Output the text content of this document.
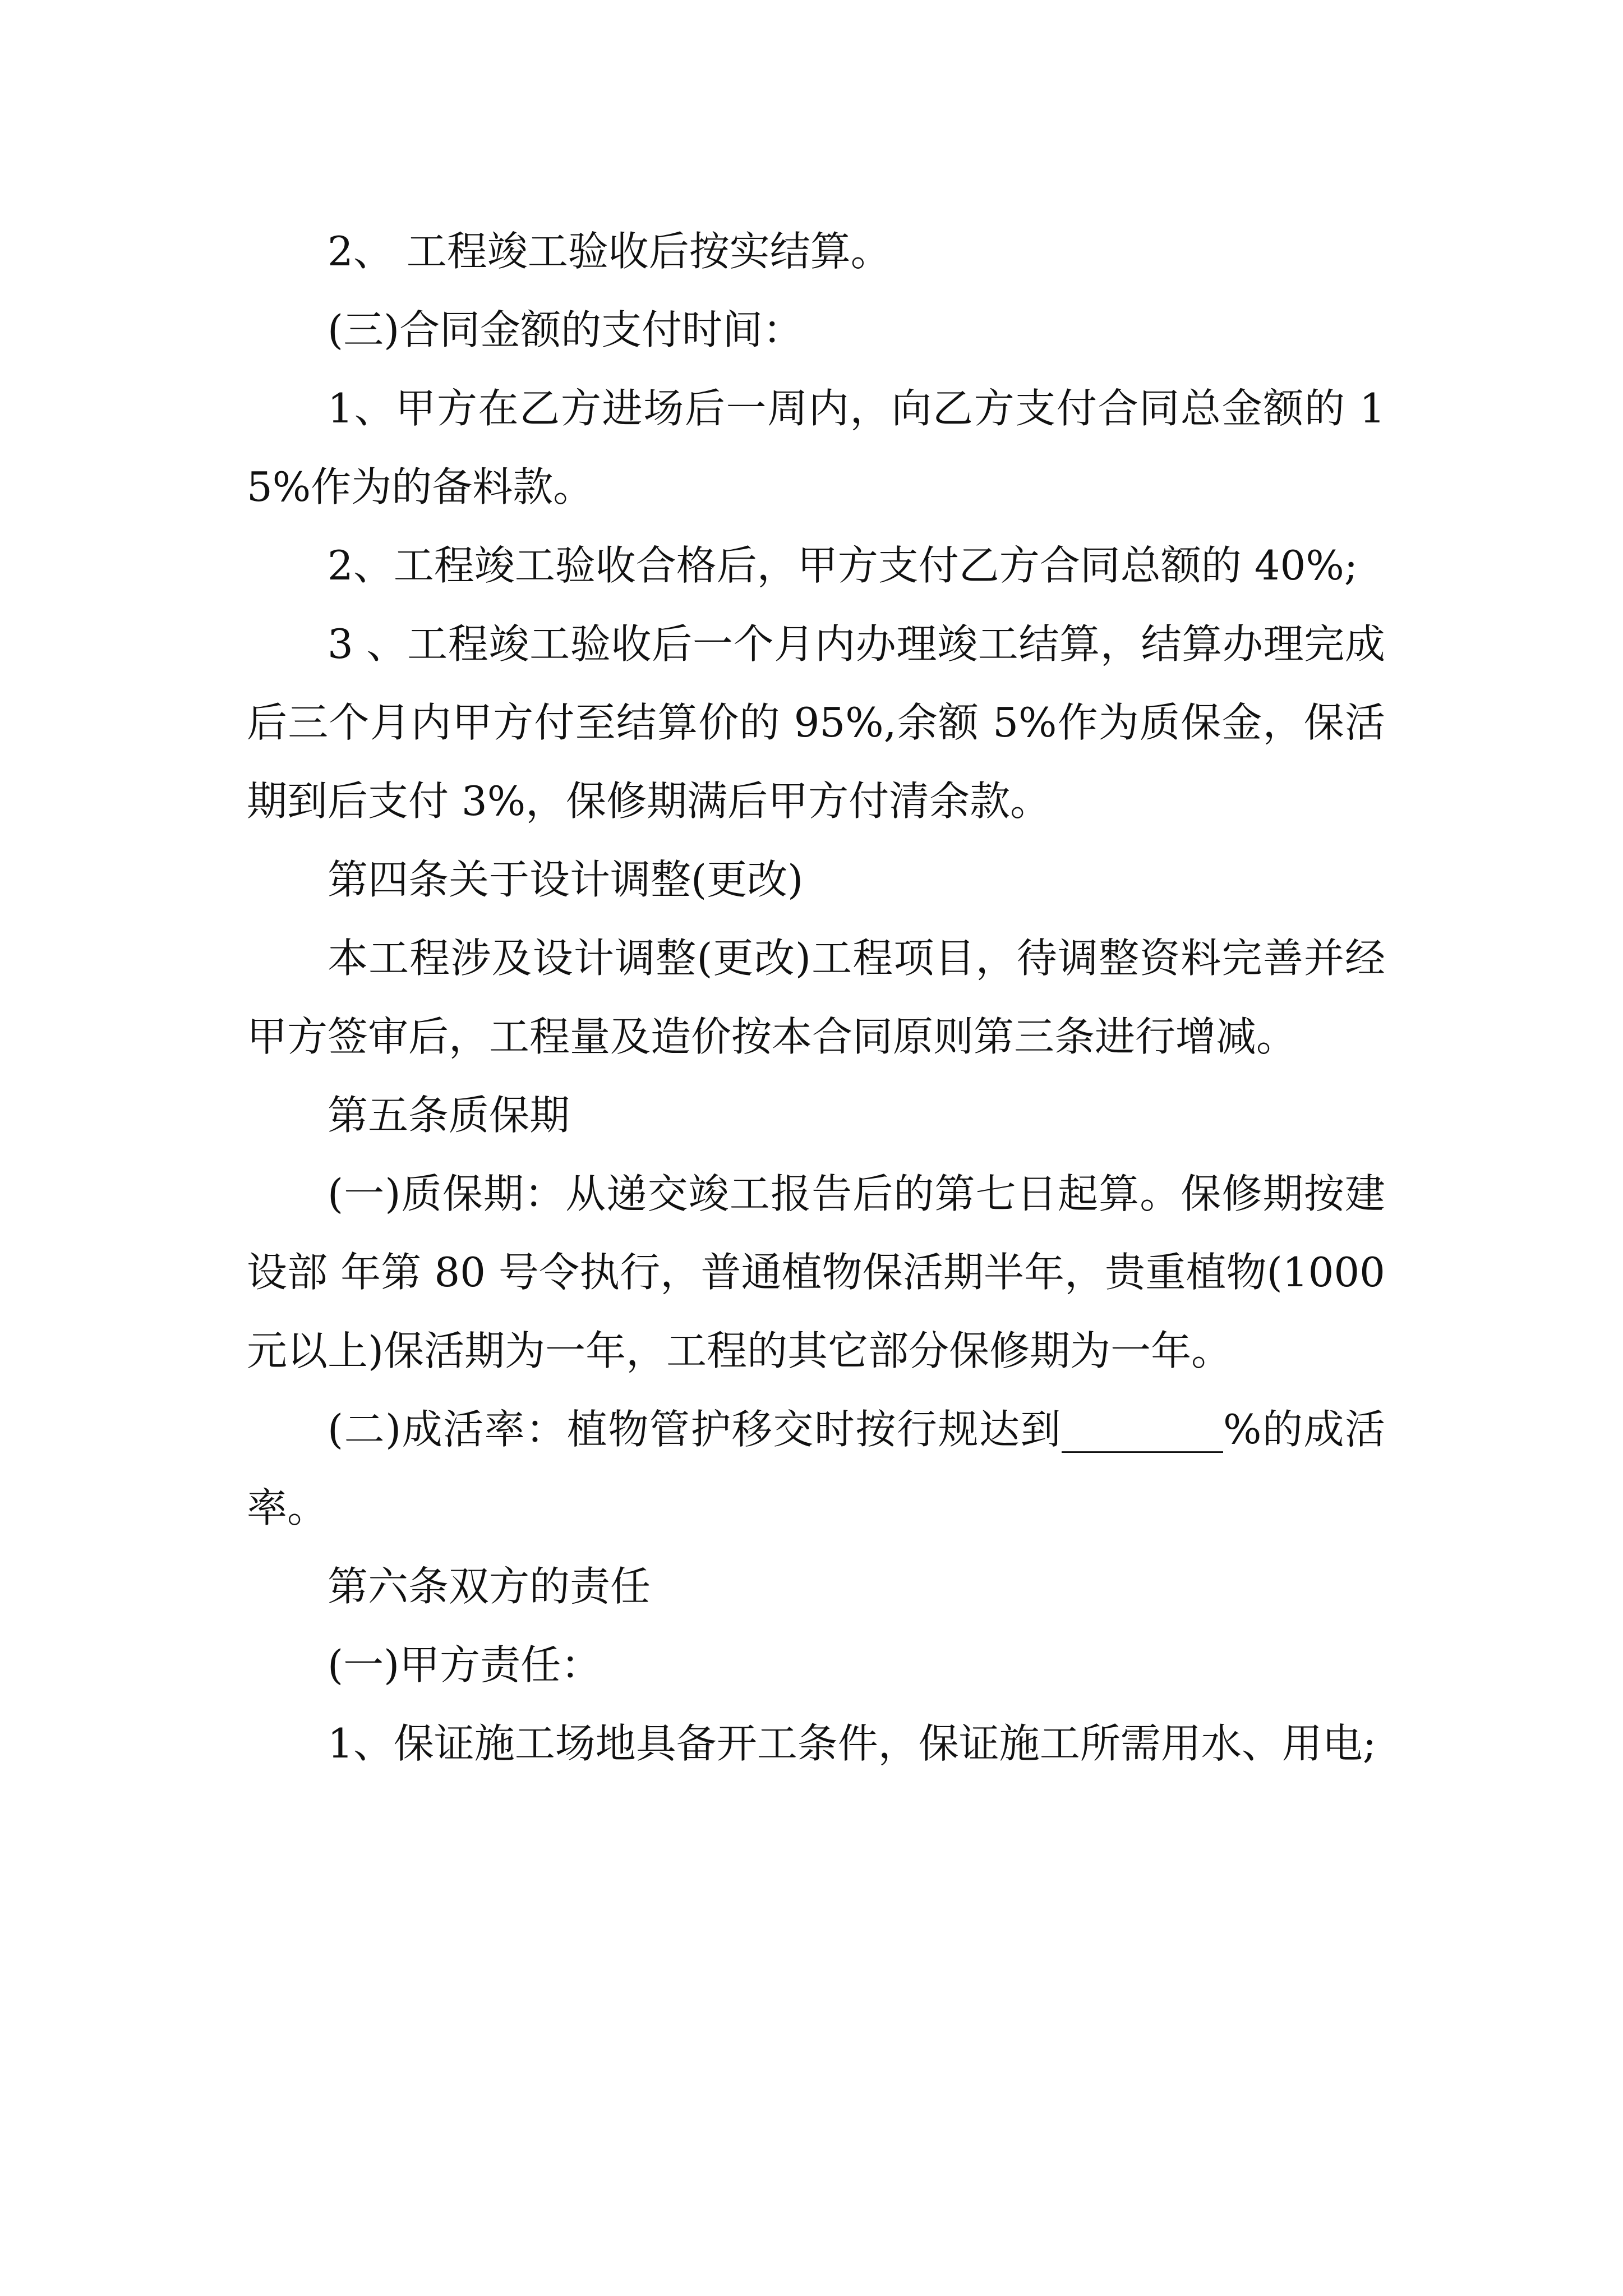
2、 工程竣工验收后按实结算。

(三)合同金额的支付时间：

1、甲方在乙方进场后一周内，向乙方支付合同总金额的 15%作为的备料款。

2、工程竣工验收合格后，甲方支付乙方合同总额的 40%;

3 、工程竣工验收后一个月内办理竣工结算，结算办理完成后三个月内甲方付至结算价的 95%,余额 5%作为质保金，保活期到后支付 3%，保修期满后甲方付清余款。

第四条关于设计调整(更改)

本工程涉及设计调整(更改)工程项目，待调整资料完善并经甲方签审后，工程量及造价按本合同原则第三条进行增减。

第五条质保期

(一)质保期：从递交竣工报告后的第七日起算。保修期按建设部 年第 80 号令执行，普通植物保活期半年，贵重植物(1000 元以上)保活期为一年，工程的其它部分保修期为一年。

(二)成活率：植物管护移交时按行规达到________%的成活率。

第六条双方的责任

(一)甲方责任：

1、保证施工场地具备开工条件，保证施工所需用水、用电;
